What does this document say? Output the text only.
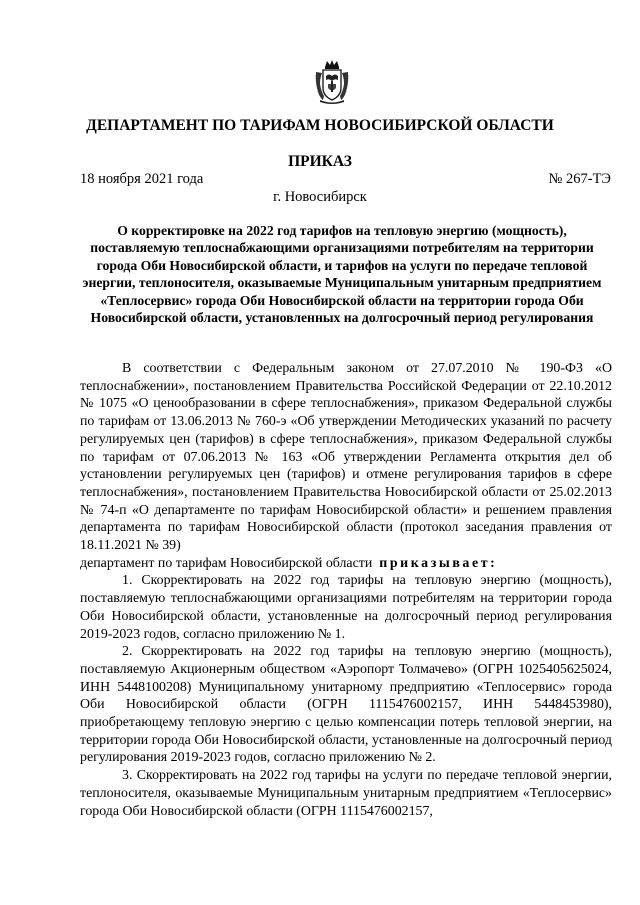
ДЕПАРТАМЕНТ ПО ТАРИФАМ НОВОСИБИРСКОЙ ОБЛАСТИ
ПРИКАЗ
18 ноября 2021 года	№ 267-ТЭ
г. Новосибирск
О корректировке на 2022 год тарифов на тепловую энергию (мощность), поставляемую теплоснабжающими организациями потребителям на территории города Оби Новосибирской области, и тарифов на услуги по передаче тепловой энергии, теплоносителя, оказываемые Муниципальным унитарным предприятием «Теплосервис» города Оби Новосибирской области на территории города Оби Новосибирской области, установленных на долгосрочный период регулирования

В соответствии с Федеральным законом от 27.07.2010 № 190-ФЗ «О теплоснабжении», постановлением Правительства Российской Федерации от 22.10.2012 № 1075 «О ценообразовании в сфере теплоснабжения», приказом Федеральной службы по тарифам от 13.06.2013 № 760-э «Об утверждении Методических указаний по расчету регулируемых цен (тарифов) в сфере теплоснабжения», приказом Федеральной службы по тарифам от 07.06.2013 № 163 «Об утверждении Регламента открытия дел об установлении регулируемых цен (тарифов) и отмене регулирования тарифов в сфере теплоснабжения», постановлением Правительства Новосибирской области от 25.02.2013 № 74-п «О департаменте по тарифам Новосибирской области» и решением правления департамента по тарифам Новосибирской области (протокол заседания правления от 18.11.2021 № 39)

департамент по тарифам Новосибирской области приказывает:

1. Скорректировать на 2022 год тарифы на тепловую энергию (мощность), поставляемую теплоснабжающими организациями потребителям на территории города Оби Новосибирской области, установленные на долгосрочный период регулирования 2019-2023 годов, согласно приложению № 1.

2. Скорректировать на 2022 год тарифы на тепловую энергию (мощность), поставляемую Акционерным обществом «Аэропорт Толмачево» (ОГРН 1025405625024, ИНН 5448100208) Муниципальному унитарному предприятию «Теплосервис» города Оби Новосибирской области (ОГРН 1115476002157, ИНН 5448453980), приобретающему тепловую энергию с целью компенсации потерь тепловой энергии, на территории города Оби Новосибирской области, установленные на долгосрочный период регулирования 2019-2023 годов, согласно приложению № 2.

3. Скорректировать на 2022 год тарифы на услуги по передаче тепловой энергии, теплоносителя, оказываемые Муниципальным унитарным предприятием «Теплосервис» города Оби Новосибирской области (ОГРН 1115476002157,
